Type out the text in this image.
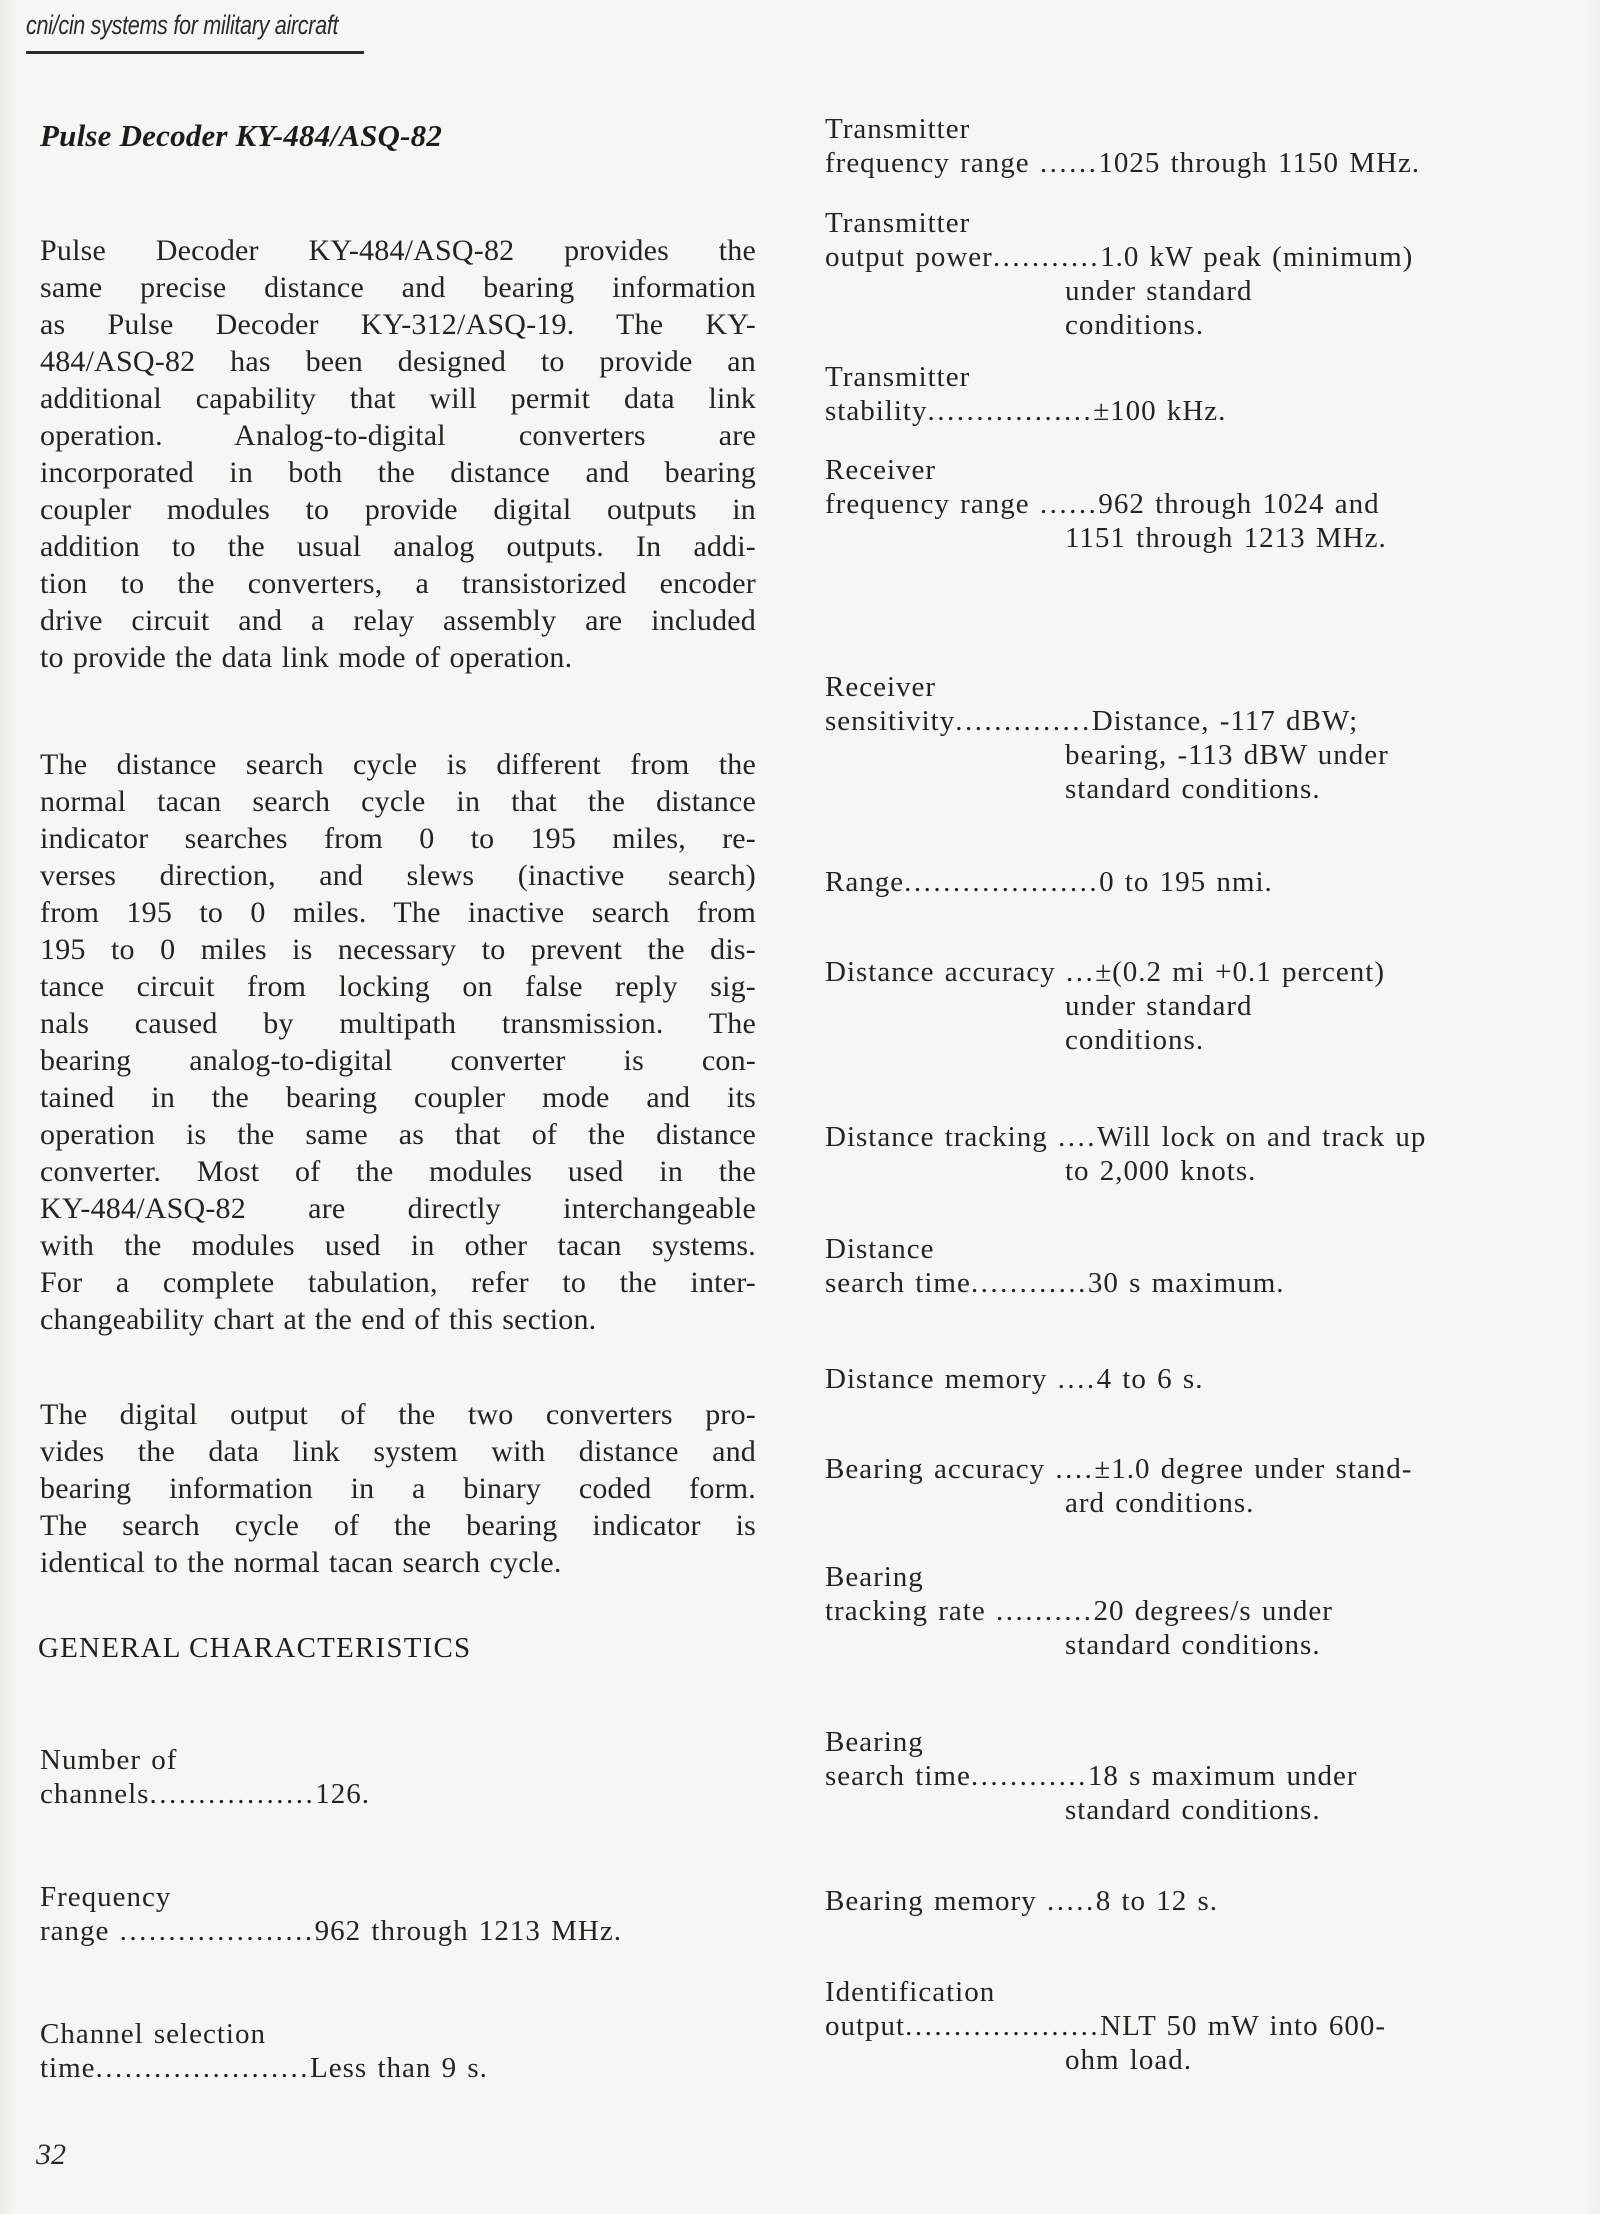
cni/cin systems for military aircraft
Pulse Decoder KY-484/ASQ-82
Pulse Decoder KY-484/ASQ-82 provides the
same precise distance and bearing information
as Pulse Decoder KY-312/ASQ-19. The KY-
484/ASQ-82 has been designed to provide an
additional capability that will permit data link
operation. Analog-to-digital converters are
incorporated in both the distance and bearing
coupler modules to provide digital outputs in
addition to the usual analog outputs. In addi-
tion to the converters, a transistorized encoder
drive circuit and a relay assembly are included
to provide the data link mode of operation.
The distance search cycle is different from the
normal tacan search cycle in that the distance
indicator searches from 0 to 195 miles, re-
verses direction, and slews (inactive search)
from 195 to 0 miles. The inactive search from
195 to 0 miles is necessary to prevent the dis-
tance circuit from locking on false reply sig-
nals caused by multipath transmission. The
bearing analog-to-digital converter is con-
tained in the bearing coupler mode and its
operation is the same as that of the distance
converter. Most of the modules used in the
KY-484/ASQ-82 are directly interchangeable
with the modules used in other tacan systems.
For a complete tabulation, refer to the inter-
changeability chart at the end of this section.
The digital output of the two converters pro-
vides the data link system with distance and
bearing information in a binary coded form.
The search cycle of the bearing indicator is
identical to the normal tacan search cycle.
GENERAL CHARACTERISTICS
Number of
channels.................126.
Frequency
range ....................962 through 1213 MHz.
Channel selection
time......................Less than 9 s.
Transmitter
frequency range ......1025 through 1150 MHz.
Transmitter
output power...........1.0 kW peak (minimum)
under standard
conditions.
Transmitter
stability.................±100 kHz.
Receiver
frequency range ......962 through 1024 and
1151 through 1213 MHz.
Receiver
sensitivity..............Distance, -117 dBW;
bearing, -113 dBW under
standard conditions.
Range....................0 to 195 nmi.
Distance accuracy ...±(0.2 mi +0.1 percent)
under standard
conditions.
Distance tracking ....Will lock on and track up
to 2,000 knots.
Distance
search time............30 s maximum.
Distance memory ....4 to 6 s.
Bearing accuracy ....±1.0 degree under stand-
ard conditions.
Bearing
tracking rate ..........20 degrees/s under
standard conditions.
Bearing
search time............18 s maximum under
standard conditions.
Bearing memory .....8 to 12 s.
Identification
output....................NLT 50 mW into 600-
ohm load.
32
